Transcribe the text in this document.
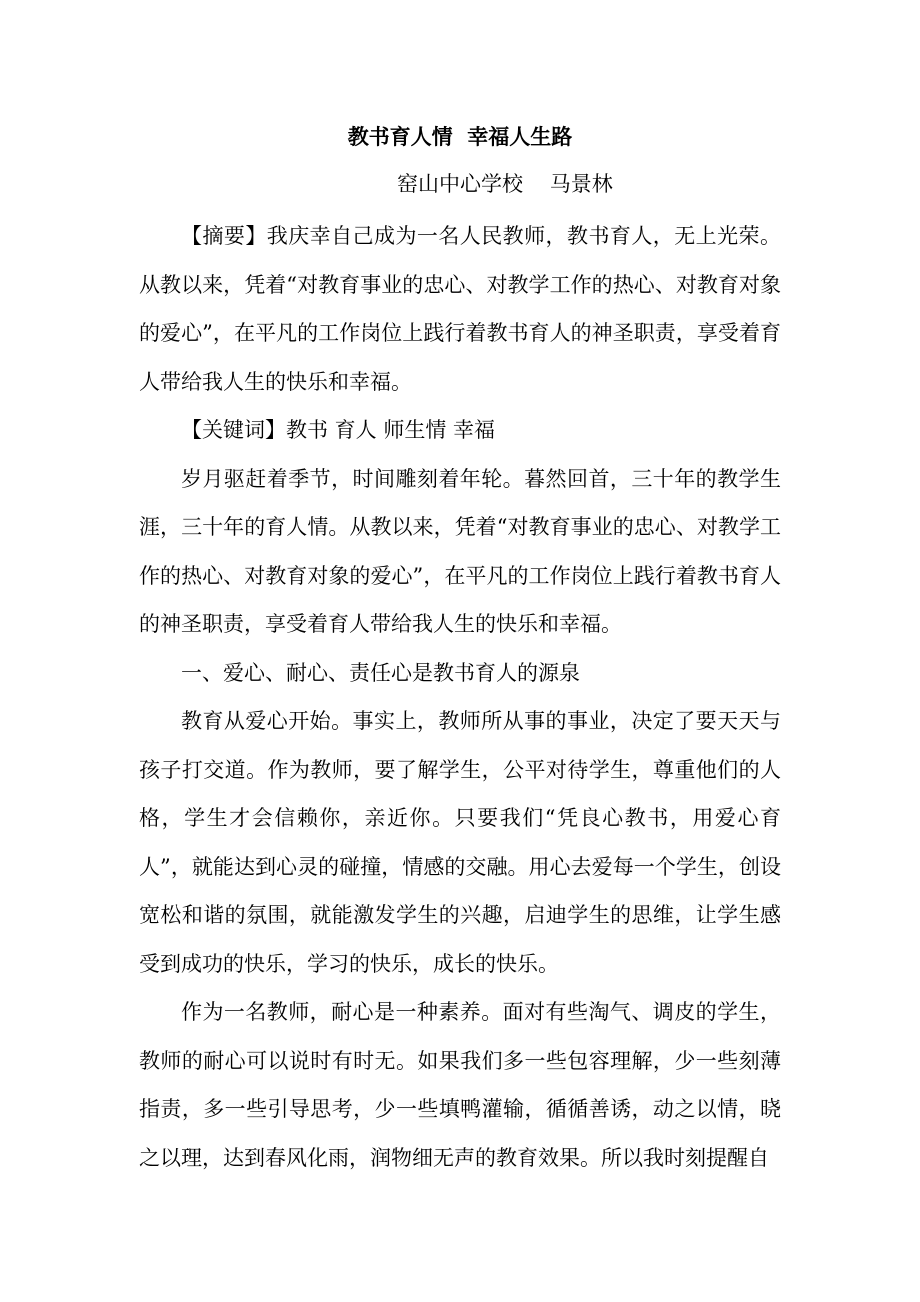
教书育人情  幸福人生路
窑山中心学校    马景林

【摘要】我庆幸自己成为一名人民教师，教书育人，无上光荣。从教以来，凭着“对教育事业的忠心、对教学工作的热心、对教育对象的爱心”，在平凡的工作岗位上践行着教书育人的神圣职责，享受着育人带给我人生的快乐和幸福。

【关键词】教书 育人 师生情 幸福

岁月驱赶着季节，时间雕刻着年轮。暮然回首，三十年的教学生涯，三十年的育人情。从教以来，凭着“对教育事业的忠心、对教学工作的热心、对教育对象的爱心”，在平凡的工作岗位上践行着教书育人的神圣职责，享受着育人带给我人生的快乐和幸福。

一、爱心、耐心、责任心是教书育人的源泉

教育从爱心开始。事实上，教师所从事的事业，决定了要天天与孩子打交道。作为教师，要了解学生，公平对待学生，尊重他们的人格，学生才会信赖你，亲近你。只要我们“凭良心教书，用爱心育人”，就能达到心灵的碰撞，情感的交融。用心去爱每一个学生，创设宽松和谐的氛围，就能激发学生的兴趣，启迪学生的思维，让学生感受到成功的快乐，学习的快乐，成长的快乐。

作为一名教师，耐心是一种素养。面对有些淘气、调皮的学生，教师的耐心可以说时有时无。如果我们多一些包容理解，少一些刻薄指责，多一些引导思考，少一些填鸭灌输，循循善诱，动之以情，晓之以理，达到春风化雨，润物细无声的教育效果。所以我时刻提醒自
